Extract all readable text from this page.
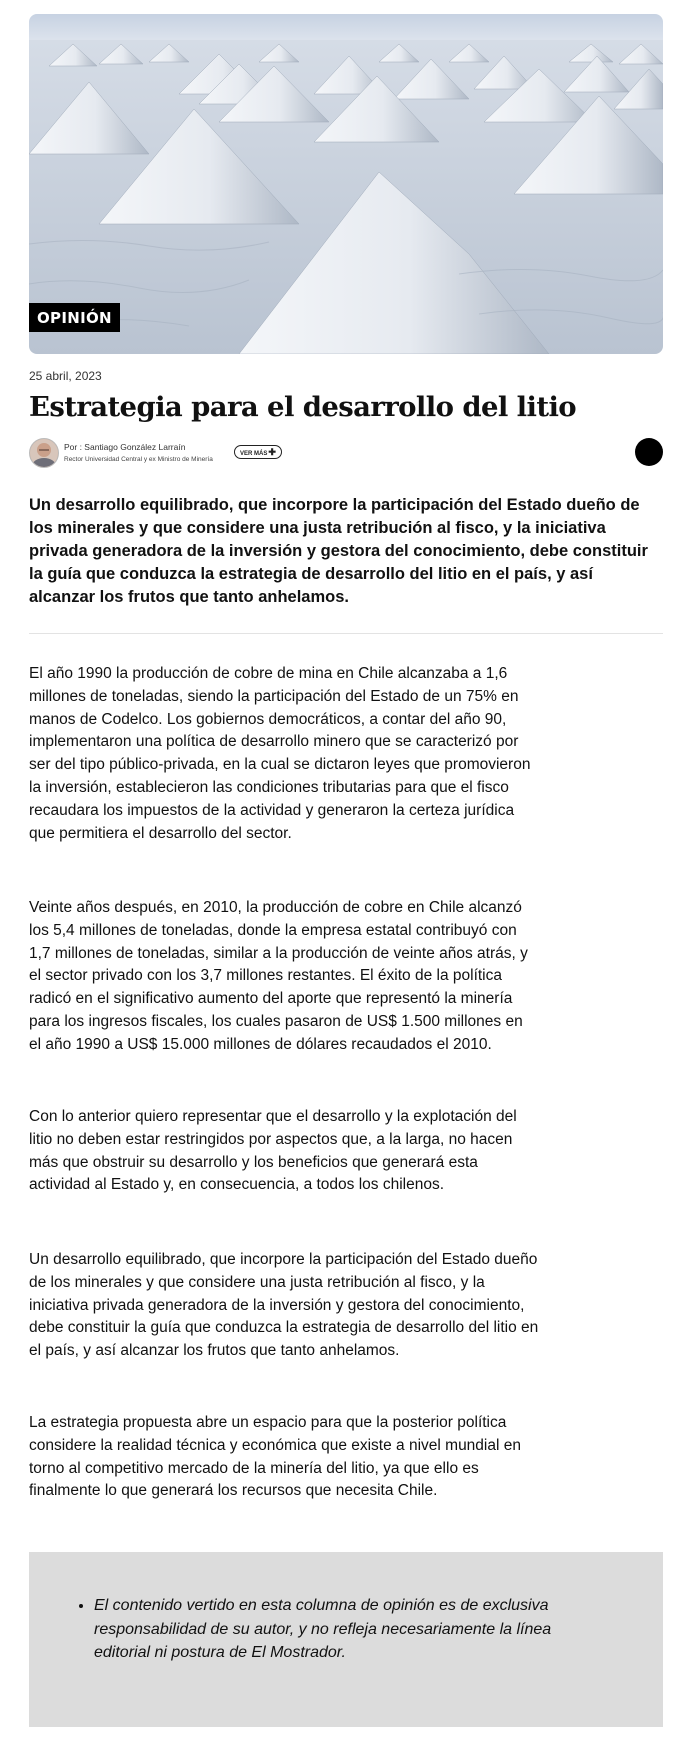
OPINIÓN
25 abril, 2023
Estrategia para el desarrollo del litio
Por : Santiago González Larraín
Rector Universidad Central y ex Ministro de Minería
VER MÁS✚

Un desarrollo equilibrado, que incorpore la participación del Estado dueño de los minerales y que considere una justa retribución al fisco, y la iniciativa privada generadora de la inversión y gestora del conocimiento, debe constituir la guía que conduzca la estrategia de desarrollo del litio en el país, y así alcanzar los frutos que tanto anhelamos.

El año 1990 la producción de cobre de mina en Chile alcanzaba a 1,6 millones de toneladas, siendo la participación del Estado de un 75% en manos de Codelco. Los gobiernos democráticos, a contar del año 90, implementaron una política de desarrollo minero que se caracterizó por ser del tipo público-privada, en la cual se dictaron leyes que promovieron la inversión, establecieron las condiciones tributarias para que el fisco recaudara los impuestos de la actividad y generaron la certeza jurídica que permitiera el desarrollo del sector.

Veinte años después, en 2010, la producción de cobre en Chile alcanzó los 5,4 millones de toneladas, donde la empresa estatal contribuyó con 1,7 millones de toneladas, similar a la producción de veinte años atrás, y el sector privado con los 3,7 millones restantes. El éxito de la política radicó en el significativo aumento del aporte que representó la minería para los ingresos fiscales, los cuales pasaron de US$ 1.500 millones en el año 1990 a US$ 15.000 millones de dólares recaudados el 2010.

Con lo anterior quiero representar que el desarrollo y la explotación del litio no deben estar restringidos por aspectos que, a la larga, no hacen más que obstruir su desarrollo y los beneficios que generará esta actividad al Estado y, en consecuencia, a todos los chilenos.

Un desarrollo equilibrado, que incorpore la participación del Estado dueño de los minerales y que considere una justa retribución al fisco, y la iniciativa privada generadora de la inversión y gestora del conocimiento, debe constituir la guía que conduzca la estrategia de desarrollo del litio en el país, y así alcanzar los frutos que tanto anhelamos.

La estrategia propuesta abre un espacio para que la posterior política considere la realidad técnica y económica que existe a nivel mundial en torno al competitivo mercado de la minería del litio, ya que ello es finalmente lo que generará los recursos que necesita Chile.

• El contenido vertido en esta columna de opinión es de exclusiva responsabilidad de su autor, y no refleja necesariamente la línea editorial ni postura de El Mostrador.
